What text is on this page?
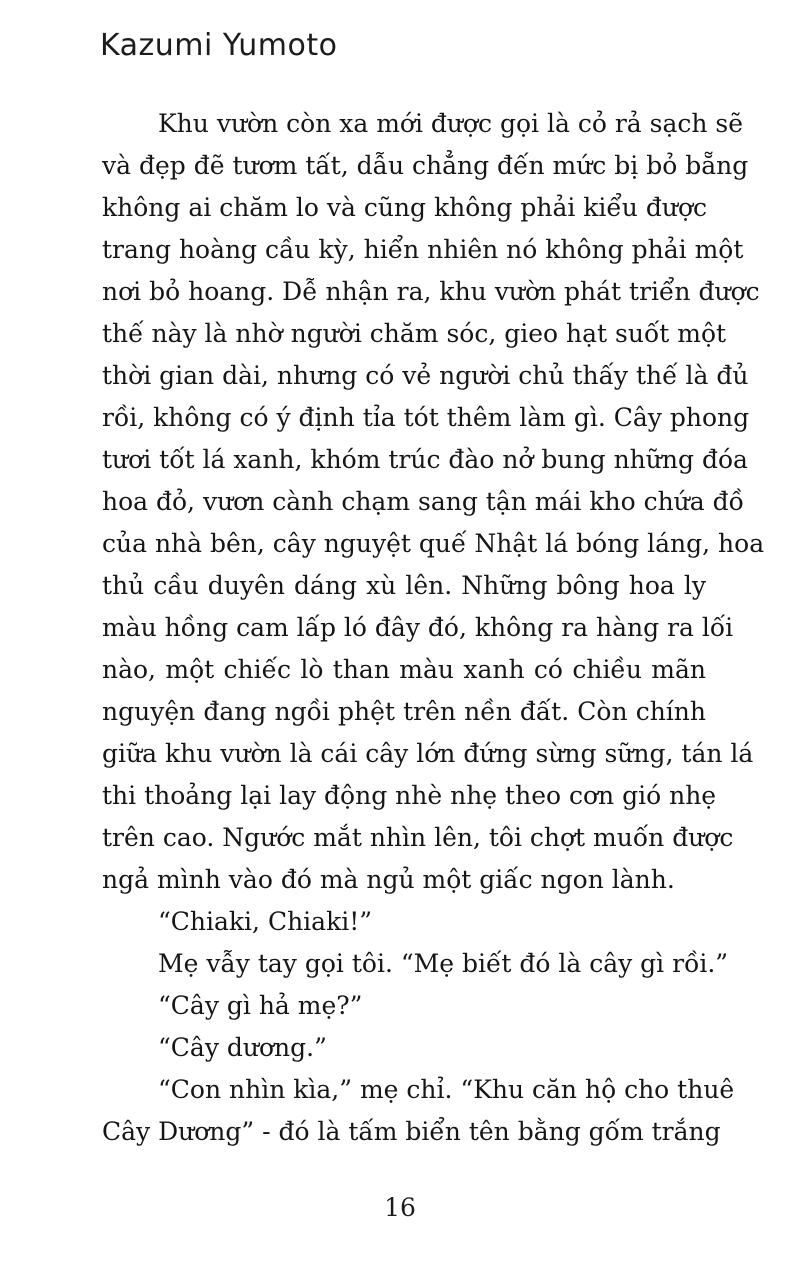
Kazumi Yumoto
Khu vườn còn xa mới được gọi là cỏ rả sạch sẽ
và đẹp đẽ tươm tất, dẫu chẳng đến mức bị bỏ bẵng
không ai chăm lo và cũng không phải kiểu được
trang hoàng cầu kỳ, hiển nhiên nó không phải một
nơi bỏ hoang. Dễ nhận ra, khu vườn phát triển được
thế này là nhờ người chăm sóc, gieo hạt suốt một
thời gian dài, nhưng có vẻ người chủ thấy thế là đủ
rồi, không có ý định tỉa tót thêm làm gì. Cây phong
tươi tốt lá xanh, khóm trúc đào nở bung những đóa
hoa đỏ, vươn cành chạm sang tận mái kho chứa đồ
của nhà bên, cây nguyệt quế Nhật lá bóng láng, hoa
thủ cầu duyên dáng xù lên. Những bông hoa ly
màu hồng cam lấp ló đây đó, không ra hàng ra lối
nào, một chiếc lò than màu xanh có chiều mãn
nguyện đang ngồi phệt trên nền đất. Còn chính
giữa khu vườn là cái cây lớn đứng sừng sững, tán lá
thi thoảng lại lay động nhè nhẹ theo cơn gió nhẹ
trên cao. Ngước mắt nhìn lên, tôi chợt muốn được
ngả mình vào đó mà ngủ một giấc ngon lành.
“Chiaki, Chiaki!”
Mẹ vẫy tay gọi tôi. “Mẹ biết đó là cây gì rồi.”
“Cây gì hả mẹ?”
“Cây dương.”
“Con nhìn kìa,” mẹ chỉ. “Khu căn hộ cho thuê
Cây Dương” - đó là tấm biển tên bằng gốm trắng
16
